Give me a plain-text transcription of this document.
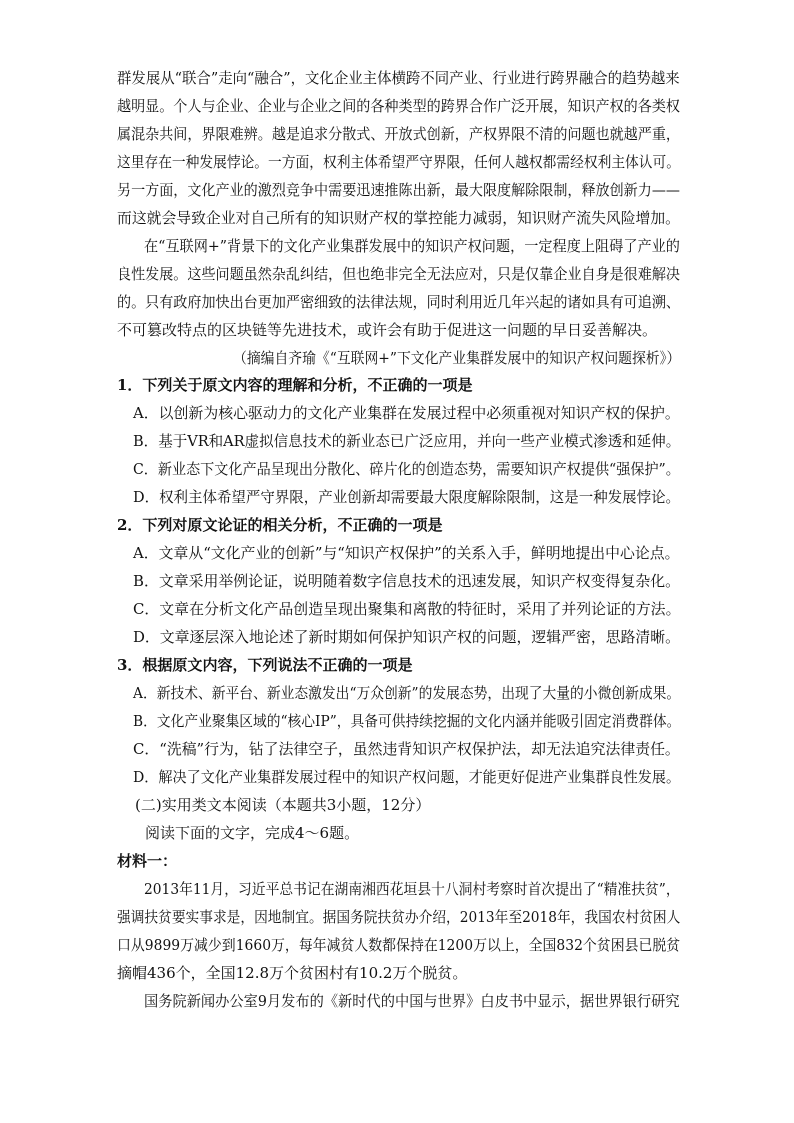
群发展从“联合”走向“融合”，文化企业主体横跨不同产业、行业进行跨界融合的趋势越来
越明显。个人与企业、企业与企业之间的各种类型的跨界合作广泛开展，知识产权的各类权
属混杂共间，界限难辨。越是追求分散式、开放式创新，产权界限不清的问题也就越严重，
这里存在一种发展悖论。一方面，权利主体希望严守界限，任何人越权都需经权利主体认可。
另一方面，文化产业的激烈竞争中需要迅速推陈出新，最大限度解除限制，释放创新力——
而这就会导致企业对自己所有的知识财产权的掌控能力减弱，知识财产流失风险增加。
在“互联网+”背景下的文化产业集群发展中的知识产权问题，一定程度上阻碍了产业的
良性发展。这些问题虽然杂乱纠结，但也绝非完全无法应对，只是仅靠企业自身是很难解决
的。只有政府加快出台更加严密细致的法律法规，同时利用近几年兴起的诸如具有可追溯、
不可篡改特点的区块链等先进技术，或许会有助于促进这一问题的早日妥善解决。
（摘编自齐瑜《“互联网+”下文化产业集群发展中的知识产权问题探析》）
1．下列关于原文内容的理解和分析，不正确的一项是
A．以创新为核心驱动力的文化产业集群在发展过程中必须重视对知识产权的保护。
B．基于VR和AR虚拟信息技术的新业态已广泛应用，并向一些产业模式渗透和延伸。
C．新业态下文化产品呈现出分散化、碎片化的创造态势，需要知识产权提供“强保护”。
D．权利主体希望严守界限，产业创新却需要最大限度解除限制，这是一种发展悖论。
2．下列对原文论证的相关分析，不正确的一项是
A．文章从“文化产业的创新”与“知识产权保护”的关系入手，鲜明地提出中心论点。
B．文章采用举例论证，说明随着数字信息技术的迅速发展，知识产权变得复杂化。
C．文章在分析文化产品创造呈现出聚集和离散的特征时，采用了并列论证的方法。
D．文章逐层深入地论述了新时期如何保护知识产权的问题，逻辑严密，思路清晰。
3．根据原文内容，下列说法不正确的一项是
A．新技术、新平台、新业态激发出“万众创新”的发展态势，出现了大量的小微创新成果。
B．文化产业聚集区域的“核心IP”，具备可供持续挖掘的文化内涵并能吸引固定消费群体。
C．“洗稿”行为，钻了法律空子，虽然违背知识产权保护法，却无法追究法律责任。
D．解决了文化产业集群发展过程中的知识产权问题，才能更好促进产业集群良性发展。
(二)实用类文本阅读（本题共3小题，12分）
阅读下面的文字，完成4～6题。
材料一：
2013年11月，习近平总书记在湖南湘西花垣县十八洞村考察时首次提出了“精准扶贫”，
强调扶贫要实事求是，因地制宜。据国务院扶贫办介绍，2013年至2018年，我国农村贫困人
口从9899万减少到1660万，每年减贫人数都保持在1200万以上，全国832个贫困县已脱贫
摘帽436个，全国12.8万个贫困村有10.2万个脱贫。
国务院新闻办公室9月发布的《新时代的中国与世界》白皮书中显示，据世界银行研究
